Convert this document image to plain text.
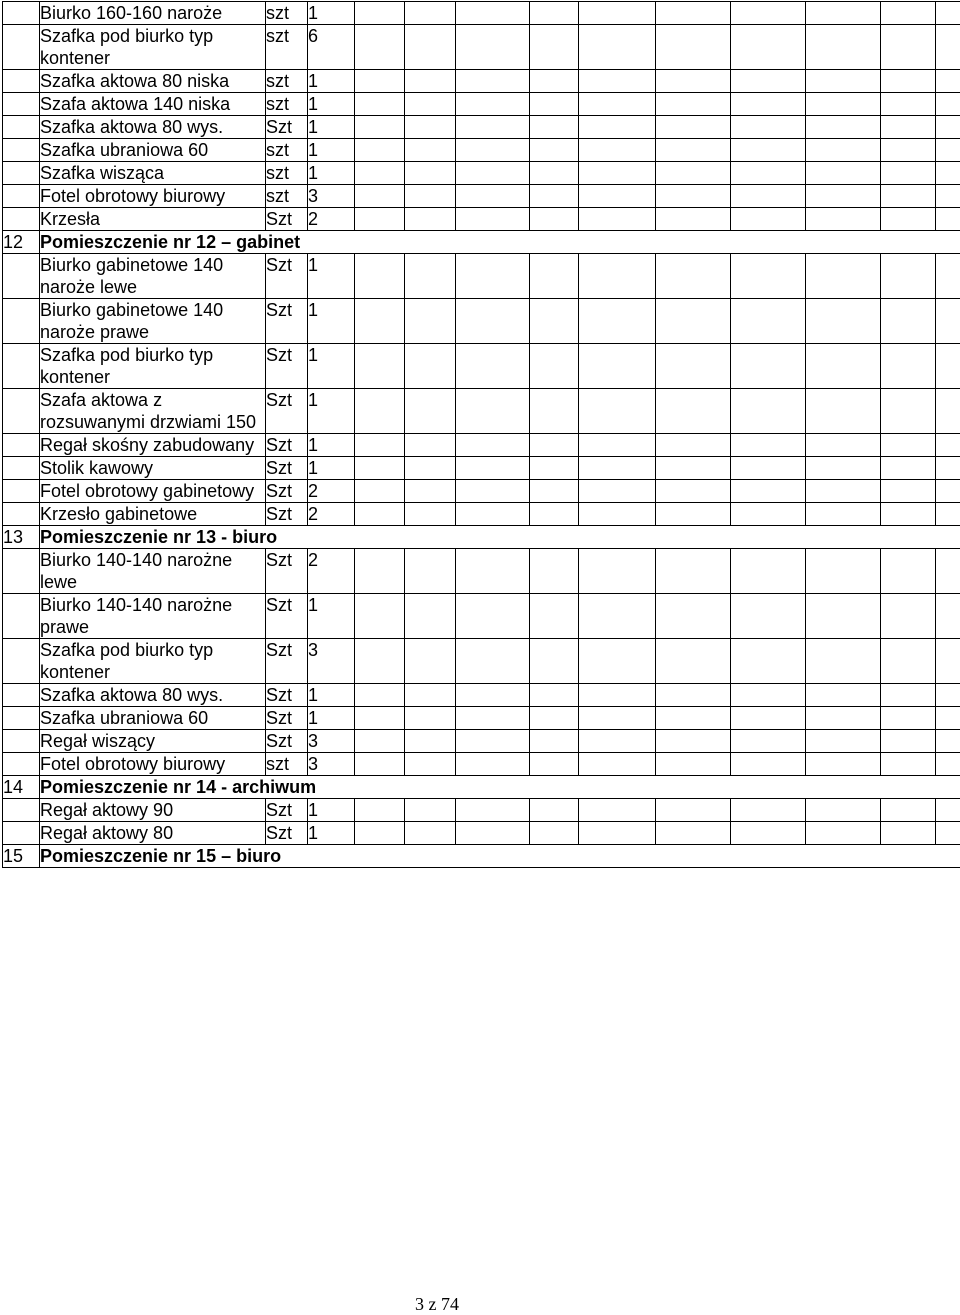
	Biurko 160-160 naroże	szt	1										
	Szafka pod biurko typ kontener	szt	6										
	Szafka aktowa 80 niska	szt	1										
	Szafa aktowa 140 niska	szt	1										
	Szafka aktowa 80 wys.	Szt	1										
	Szafka ubraniowa 60	szt	1										
	Szafka wisząca	szt	1										
	Fotel obrotowy biurowy	szt	3										
	Krzesła	Szt	2										
12	Pomieszczenie nr 12 – gabinet												
	Biurko gabinetowe 140 naroże lewe	Szt	1										
	Biurko gabinetowe 140 naroże prawe	Szt	1										
	Szafka pod biurko typ kontener	Szt	1										
	Szafa aktowa z rozsuwanymi drzwiami 150	Szt	1										
	Regał skośny zabudowany	Szt	1										
	Stolik kawowy	Szt	1										
	Fotel obrotowy gabinetowy	Szt	2										
	Krzesło gabinetowe	Szt	2										
13	Pomieszczenie nr 13 - biuro												
	Biurko 140-140 narożne lewe	Szt	2										
	Biurko 140-140 narożne prawe	Szt	1										
	Szafka pod biurko typ kontener	Szt	3										
	Szafka aktowa 80 wys.	Szt	1										
	Szafka ubraniowa 60	Szt	1										
	Regał wiszący	Szt	3										
	Fotel obrotowy biurowy	szt	3										
14	Pomieszczenie nr 14 - archiwum												
	Regał aktowy 90	Szt	1										
	Regał aktowy 80	Szt	1										
15	Pomieszczenie nr 15 – biuro												
3 z 74
